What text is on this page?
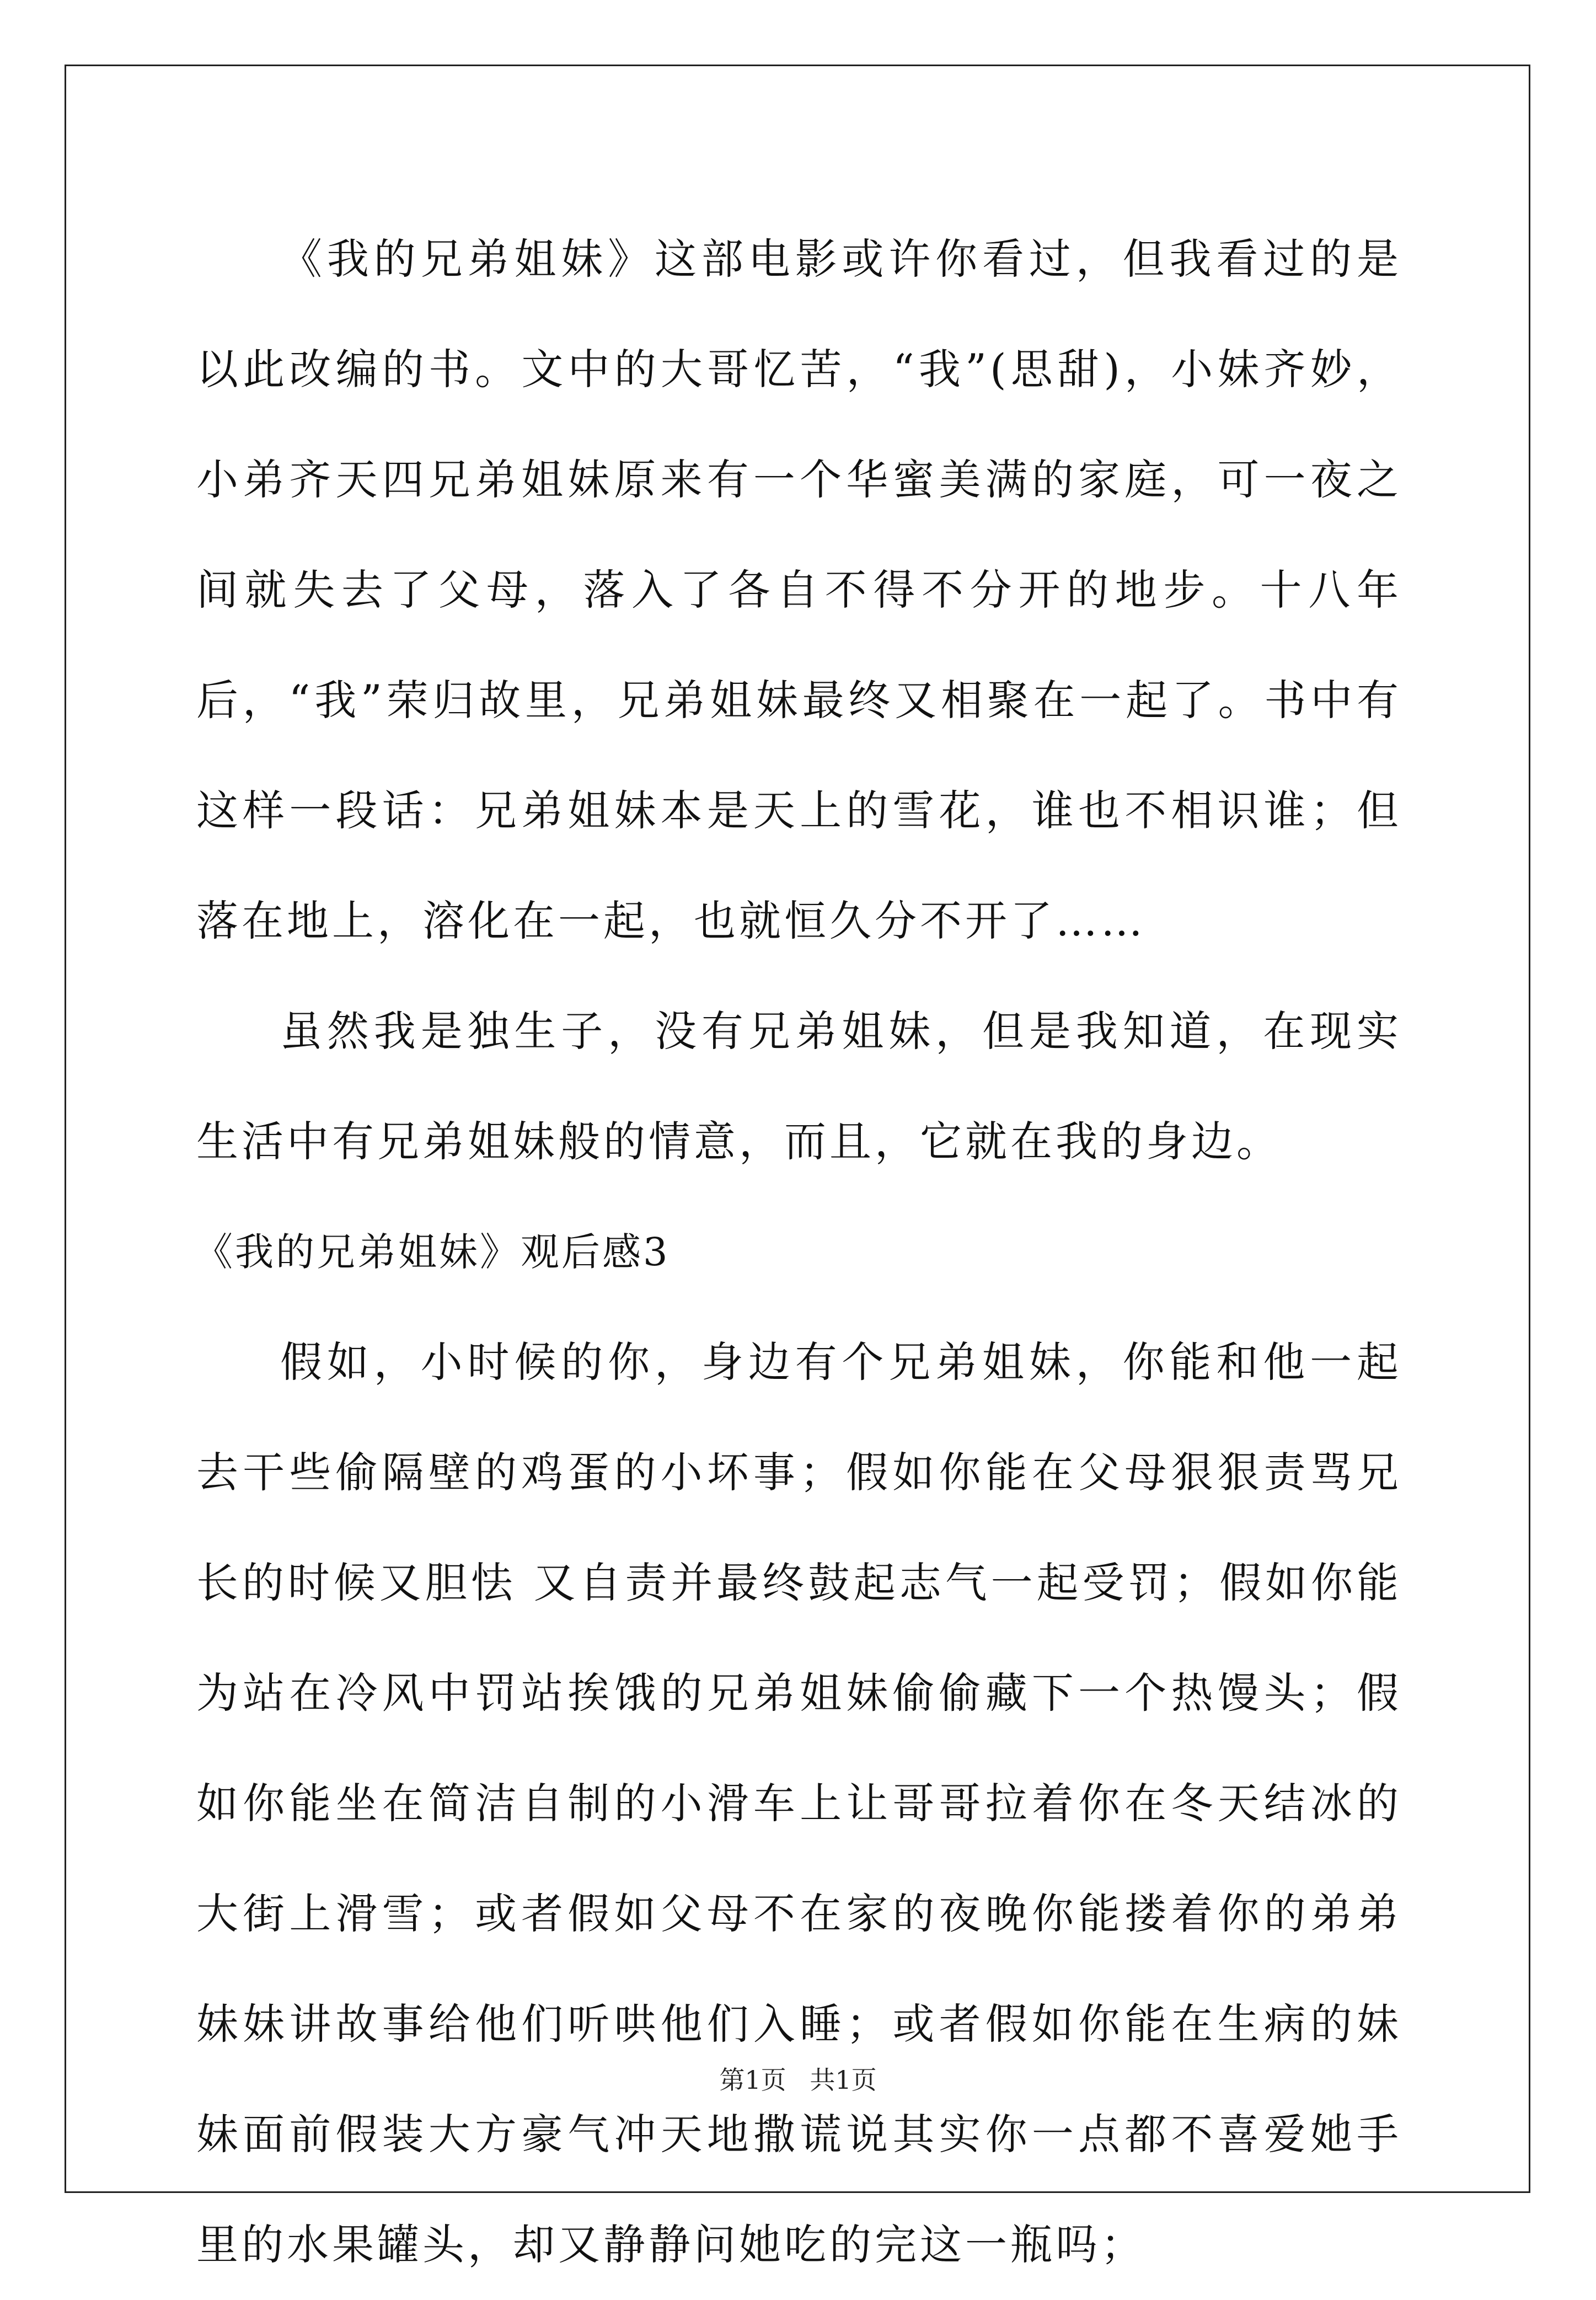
《我的兄弟姐妹》这部电影或许你看过，但我看过的是以此改编的书。文中的大哥忆苦，“我”(思甜)，小妹齐妙，小弟齐天四兄弟姐妹原来有一个华蜜美满的家庭，可一夜之间就失去了父母，落入了各自不得不分开的地步。十八年后，“我”荣归故里，兄弟姐妹最终又相聚在一起了。书中有这样一段话：兄弟姐妹本是天上的雪花，谁也不相识谁；但落在地上，溶化在一起，也就恒久分不开了……

虽然我是独生子，没有兄弟姐妹，但是我知道，在现实生活中有兄弟姐妹般的情意，而且，它就在我的身边。

《我的兄弟姐妹》观后感3

假如，小时候的你，身边有个兄弟姐妹，你能和他一起去干些偷隔壁的鸡蛋的小坏事；假如你能在父母狠狠责骂兄长的时候又胆怯 又自责并最终鼓起志气一起受罚；假如你能为站在冷风中罚站挨饿的兄弟姐妹偷偷藏下一个热馒头；假如你能坐在简洁自制的小滑车上让哥哥拉着你在冬天结冰的大街上滑雪；或者假如父母不在家的夜晚你能搂着你的弟弟妹妹讲故事给他们听哄他们入睡；或者假如你能在生病的妹妹面前假装大方豪气冲天地撒谎说其实你一点都不喜爱她手里的水果罐头，却又静静问她吃的完这一瓶吗；

第1页 共1页
